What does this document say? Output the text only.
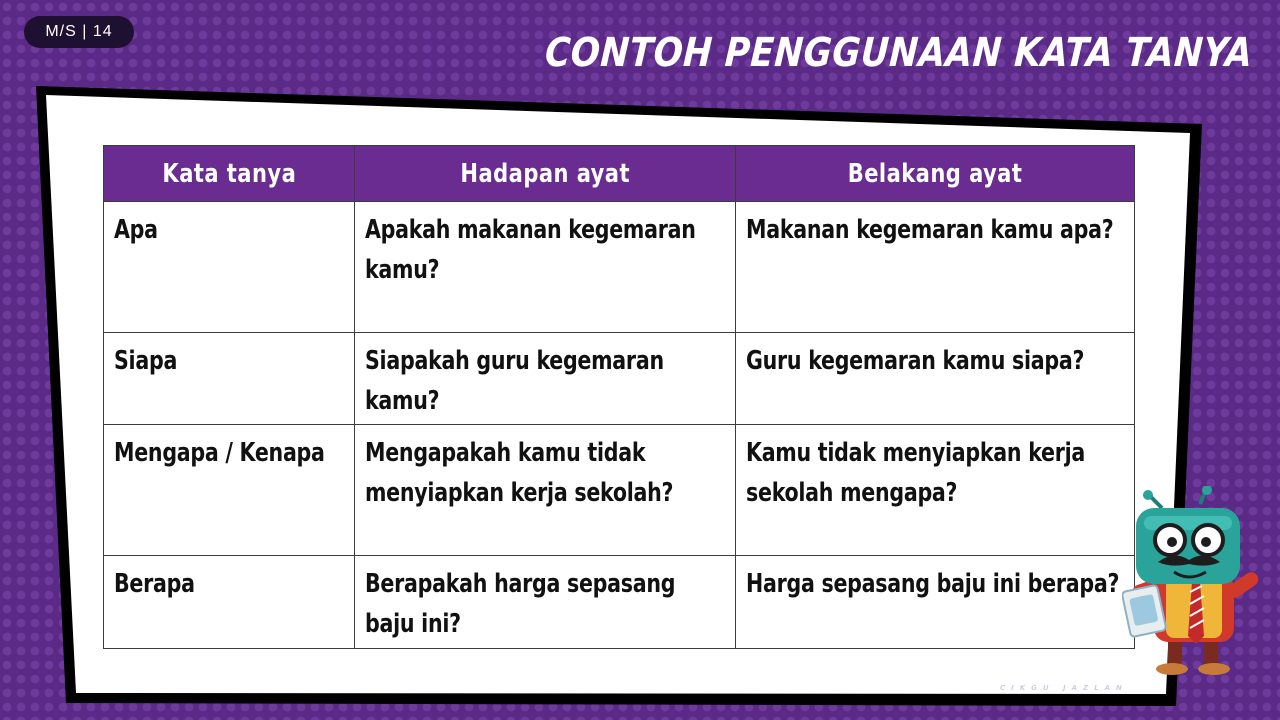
M/S | 14	CONTOH PENGGUNAAN KATA TANYA
Kata tanya	Hadapan ayat	Belakang ayat

Apa	Apakah makanan kegemaran kamu?	Makanan kegemaran kamu apa?

Siapa	Siapakah guru kegemaran kamu?	Guru kegemaran kamu siapa?

Mengapa / Kenapa	Mengapakah kamu tidak menyiapkan kerja sekolah?	Kamu tidak menyiapkan kerja sekolah mengapa?

Berapa	Berapakah harga sepasang baju ini?	Harga sepasang baju ini berapa?
CIKGU JAZLAN
